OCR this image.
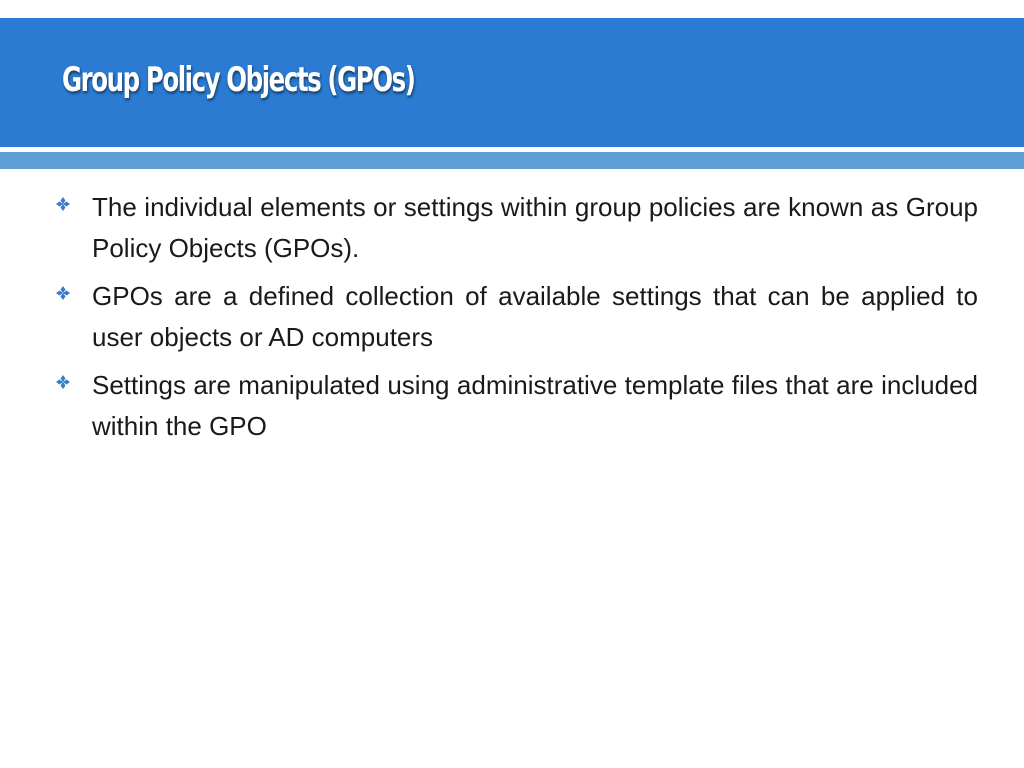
Group Policy Objects (GPOs)
The individual elements or settings within group policies are known as Group Policy Objects (GPOs).
GPOs are a defined collection of available settings that can be applied to user objects or AD computers
Settings are manipulated using administrative template files that are included within the GPO
